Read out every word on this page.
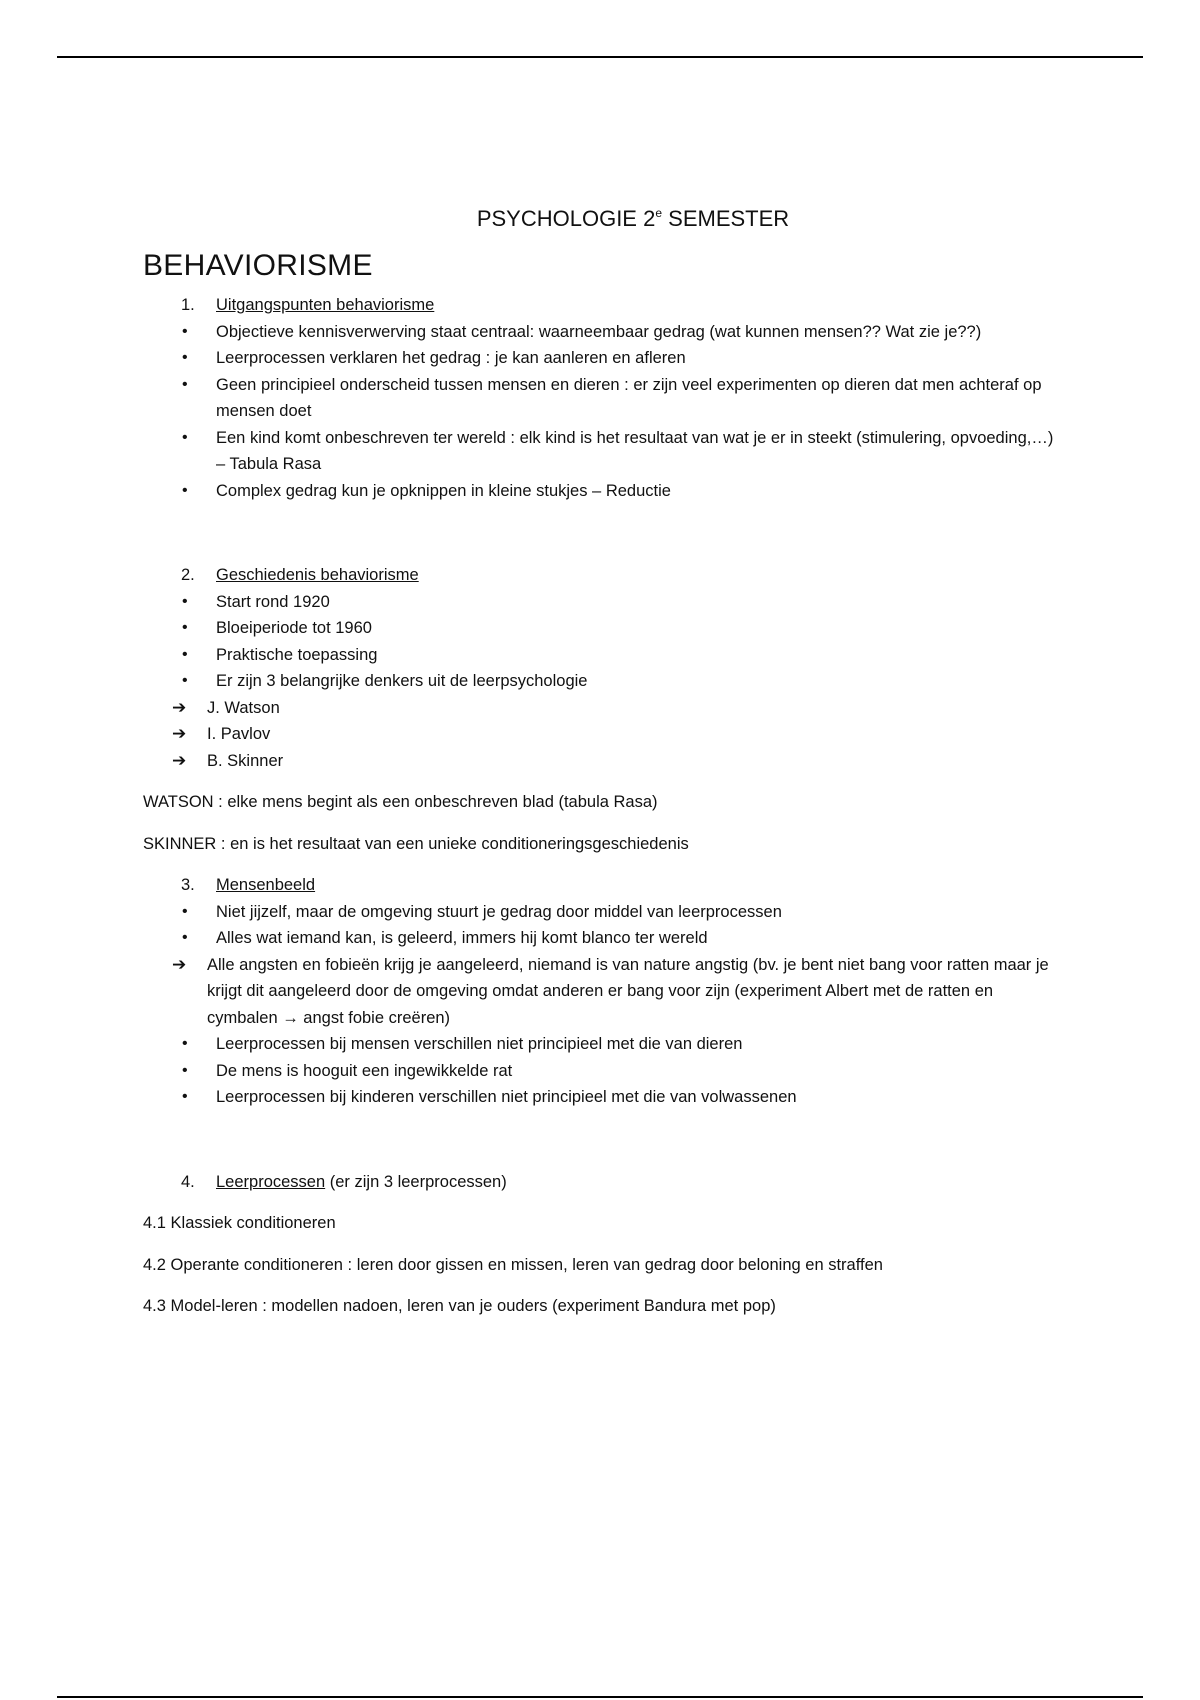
PSYCHOLOGIE 2e SEMESTER
BEHAVIORISME
1. Uitgangspunten behaviorisme
• Objectieve kennisverwerving staat centraal: waarneembaar gedrag (wat kunnen mensen?? Wat zie je??)
• Leerprocessen verklaren het gedrag : je kan aanleren en afleren
• Geen principieel onderscheid tussen mensen en dieren : er zijn veel experimenten op dieren dat men achteraf op mensen doet
• Een kind komt onbeschreven ter wereld : elk kind is het resultaat van wat je er in steekt (stimulering, opvoeding,…) – Tabula Rasa
• Complex gedrag kun je opknippen in kleine stukjes – Reductie
2. Geschiedenis behaviorisme
• Start rond 1920
• Bloeiperiode tot 1960
• Praktische toepassing
• Er zijn 3 belangrijke denkers uit de leerpsychologie
➔ J. Watson
➔ I. Pavlov
➔ B. Skinner

WATSON : elke mens begint als een onbeschreven blad (tabula Rasa)

SKINNER : en is het resultaat van een unieke conditioneringsgeschiedenis

3. Mensenbeeld
• Niet jijzelf, maar de omgeving stuurt je gedrag door middel van leerprocessen
• Alles wat iemand kan, is geleerd, immers hij komt blanco ter wereld
➔ Alle angsten en fobieën krijg je aangeleerd, niemand is van nature angstig (bv. je bent niet bang voor ratten maar je krijgt dit aangeleerd door de omgeving omdat anderen er bang voor zijn (experiment Albert met de ratten en cymbalen → angst fobie creëren)
• Leerprocessen bij mensen verschillen niet principieel met die van dieren
• De mens is hooguit een ingewikkelde rat
• Leerprocessen bij kinderen verschillen niet principieel met die van volwassenen
4. Leerprocessen (er zijn 3 leerprocessen)

4.1 Klassiek conditioneren

4.2 Operante conditioneren : leren door gissen en missen, leren van gedrag door beloning en straffen

4.3 Model-leren : modellen nadoen, leren van je ouders (experiment Bandura met pop)
